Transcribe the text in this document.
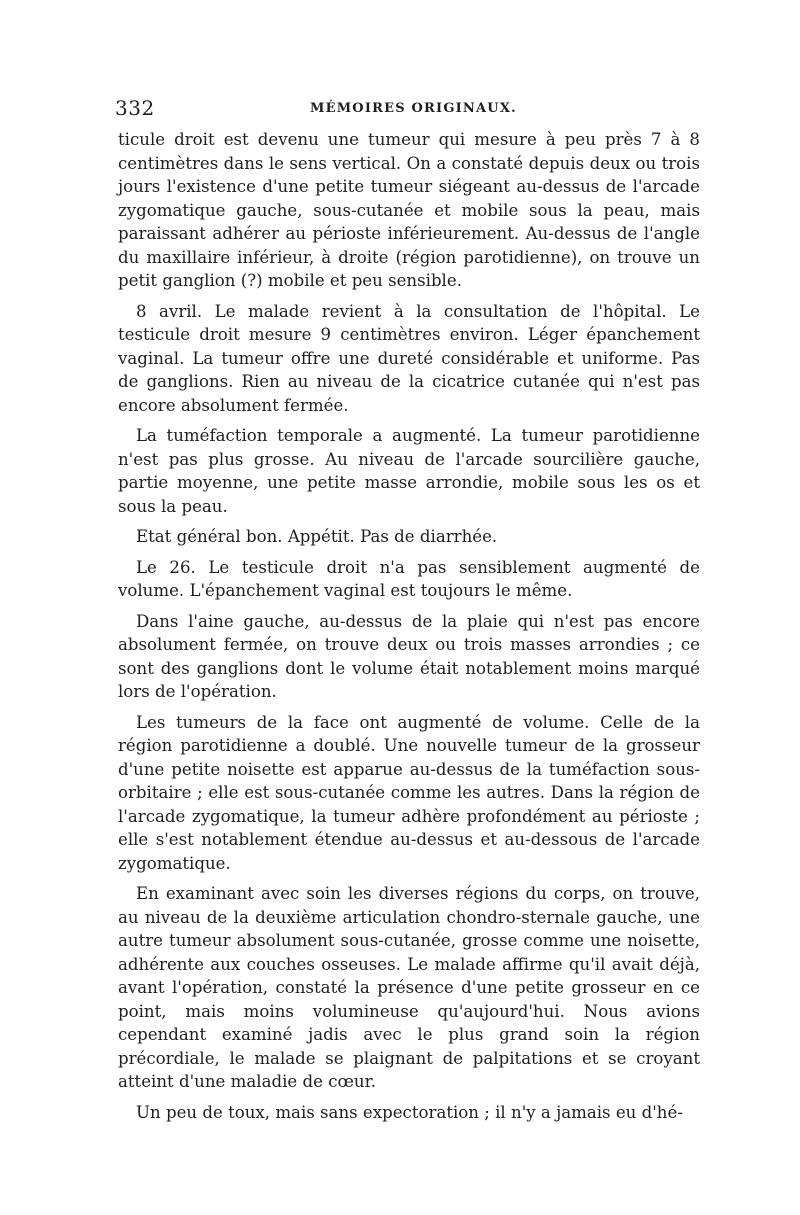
332	MÉMOIRES ORIGINAUX.

ticule droit est devenu une tumeur qui mesure à peu près 7 à 8 centimètres dans le sens vertical. On a constaté depuis deux ou trois jours l'existence d'une petite tumeur siégeant au-dessus de l'arcade zygomatique gauche, sous-cutanée et mobile sous la peau, mais paraissant adhérer au périoste inférieurement. Au-dessus de l'angle du maxillaire inférieur, à droite (région parotidienne), on trouve un petit ganglion (?) mobile et peu sensible.

8 avril. Le malade revient à la consultation de l'hôpital. Le testicule droit mesure 9 centimètres environ. Léger épanchement vaginal. La tumeur offre une dureté considérable et uniforme. Pas de ganglions. Rien au niveau de la cicatrice cutanée qui n'est pas encore absolument fermée.

La tuméfaction temporale a augmenté. La tumeur parotidienne n'est pas plus grosse. Au niveau de l'arcade sourcilière gauche, partie moyenne, une petite masse arrondie, mobile sous les os et sous la peau.

Etat général bon. Appétit. Pas de diarrhée.

Le 26. Le testicule droit n'a pas sensiblement augmenté de volume. L'épanchement vaginal est toujours le même.

Dans l'aine gauche, au-dessus de la plaie qui n'est pas encore absolument fermée, on trouve deux ou trois masses arrondies ; ce sont des ganglions dont le volume était notablement moins marqué lors de l'opération.

Les tumeurs de la face ont augmenté de volume. Celle de la région parotidienne a doublé. Une nouvelle tumeur de la grosseur d'une petite noisette est apparue au-dessus de la tuméfaction sous-orbitaire ; elle est sous-cutanée comme les autres. Dans la région de l'arcade zygomatique, la tumeur adhère profondément au périoste ; elle s'est notablement étendue au-dessus et au-dessous de l'arcade zygomatique.

En examinant avec soin les diverses régions du corps, on trouve, au niveau de la deuxième articulation chondro-sternale gauche, une autre tumeur absolument sous-cutanée, grosse comme une noisette, adhérente aux couches osseuses. Le malade affirme qu'il avait déjà, avant l'opération, constaté la présence d'une petite grosseur en ce point, mais moins volumineuse qu'aujourd'hui. Nous avions cependant examiné jadis avec le plus grand soin la région précordiale, le malade se plaignant de palpitations et se croyant atteint d'une maladie de cœur.

Un peu de toux, mais sans expectoration ; il n'y a jamais eu d'hé-
